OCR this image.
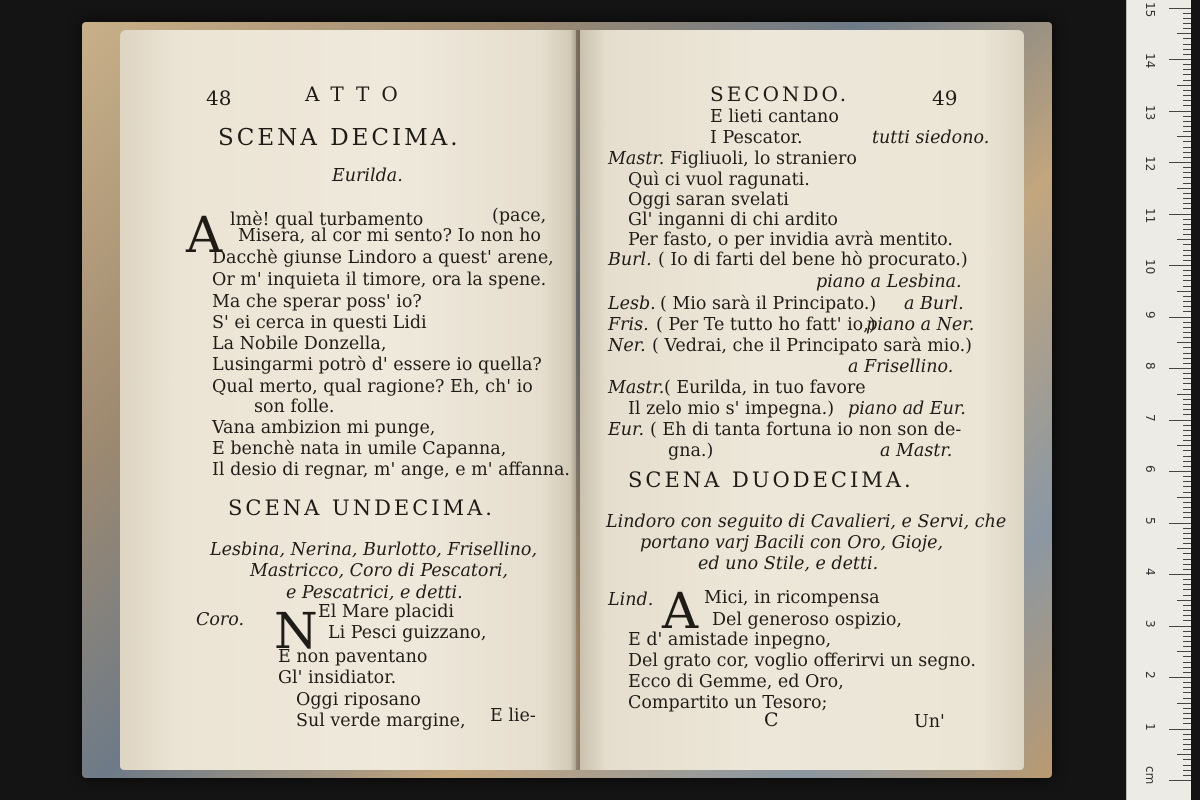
cm
1
2
3
4
5
6
7
8
9
10
11
12
13
14
15
48	ATTO
SCENA DECIMA.
Eurilda.
A lmè! qual turbamento	(pace,
Misera, al cor mi sento? Io non ho
Dacchè giunse Lindoro a quest' arene,
Or m' inquieta il timore, ora la spene.
Ma che sperar poss' io?
S' ei cerca in questi Lidi
La Nobile Donzella,
Lusingarmi potrò d' essere io quella?
Qual merto, qual ragione? Eh, ch' io
son folle.
Vana ambizion mi punge,
E benchè nata in umile Capanna,
Il desio di regnar, m' ange, e m' affanna.
SCENA UNDECIMA.
Lesbina, Nerina, Burlotto, Frisellino,
Mastricco, Coro di Pescatori,
e Pescatrici, e detti.
Coro. N El Mare placidi
Li Pesci guizzano,
E non paventano
Gl' insidiator.
Oggi riposano
Sul verde margine, E lie-
SECONDO.	49
E lieti cantano
I Pescator.	tutti siedono.
Mastr. Figliuoli, lo straniero
Quì ci vuol ragunati.
Oggi saran svelati
Gl' inganni di chi ardito
Per fasto, o per invidia avrà mentito.
Burl. ( Io di farti del bene hò procurato.)
piano a Lesbina.
Lesb. ( Mio sarà il Principato.) a Burl.
Fris. ( Per Te tutto ho fatt' io,)
piano a Ner.
Ner. ( Vedrai, che il Principato sarà mio.)
a Frisellino.
Mastr. ( Eurilda, in tuo favore
Il zelo mio s' impegna.) piano ad Eur.
Eur. ( Eh di tanta fortuna io non son de-
gna.)	a Mastr.
SCENA DUODECIMA.
Lindoro con seguito di Cavalieri, e Servi, che
portano varj Bacili con Oro, Gioje,
ed uno Stile, e detti.
Lind. A Mici, in ricompensa
Del generoso ospizio,
E d' amistade inpegno,
Del grato cor, voglio offerirvi un segno.
Ecco di Gemme, ed Oro,
Compartito un Tesoro;
C	Un'
